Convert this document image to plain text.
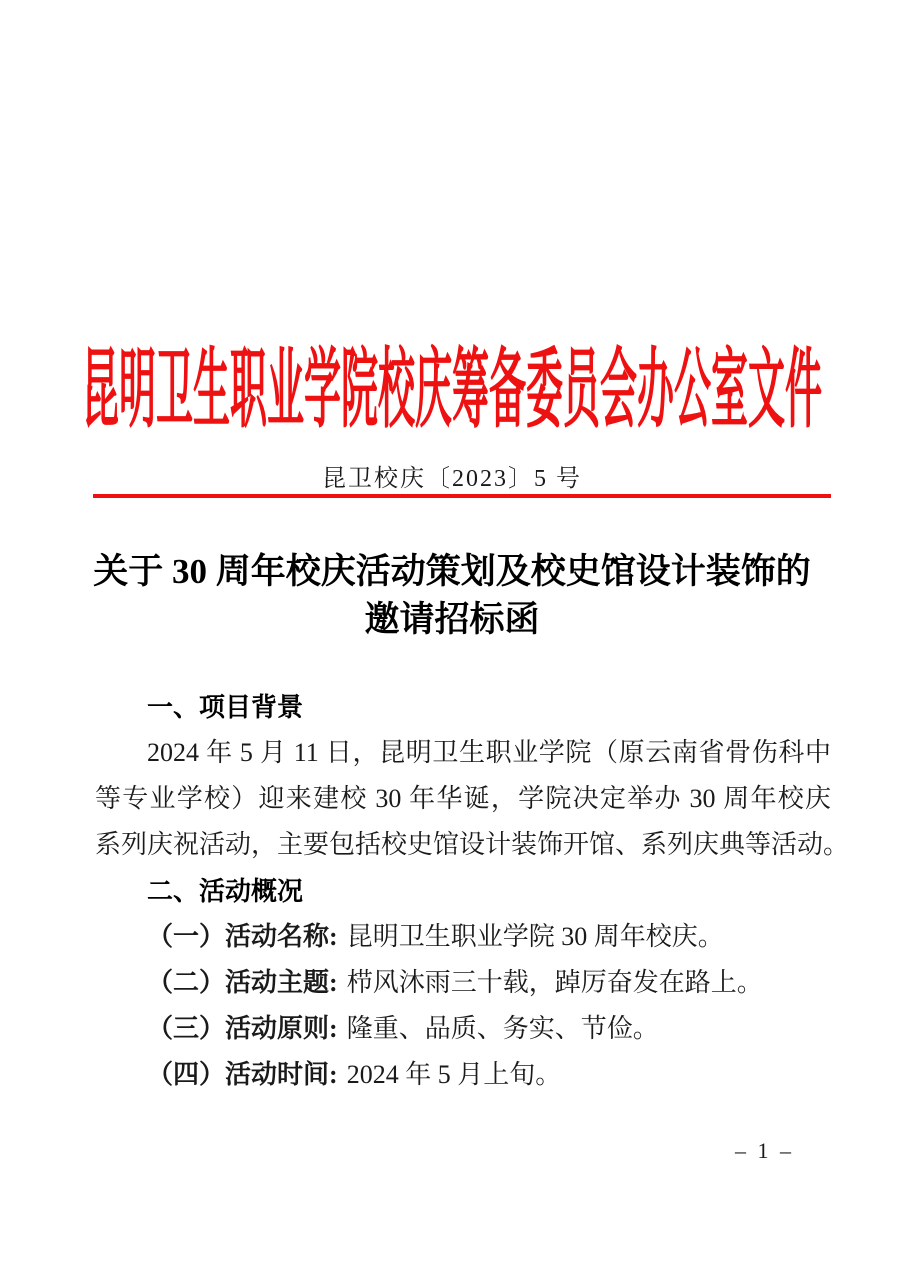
昆明卫生职业学院校庆筹备委员会办公室文件
昆卫校庆〔2023〕5 号
关于 30 周年校庆活动策划及校史馆设计装饰的
邀请招标函
一、项目背景
2024 年 5 月 11 日，昆明卫生职业学院（原云南省骨伤科中
等专业学校）迎来建校 30 年华诞，学院决定举办 30 周年校庆
系列庆祝活动，主要包括校史馆设计装饰开馆、系列庆典等活动。
二、活动概况
（一）活动名称: 昆明卫生职业学院 30 周年校庆。
（二）活动主题: 栉风沐雨三十载，踔厉奋发在路上。
（三）活动原则: 隆重、品质、务实、节俭。
（四）活动时间: 2024 年 5 月上旬。
– 1 –
